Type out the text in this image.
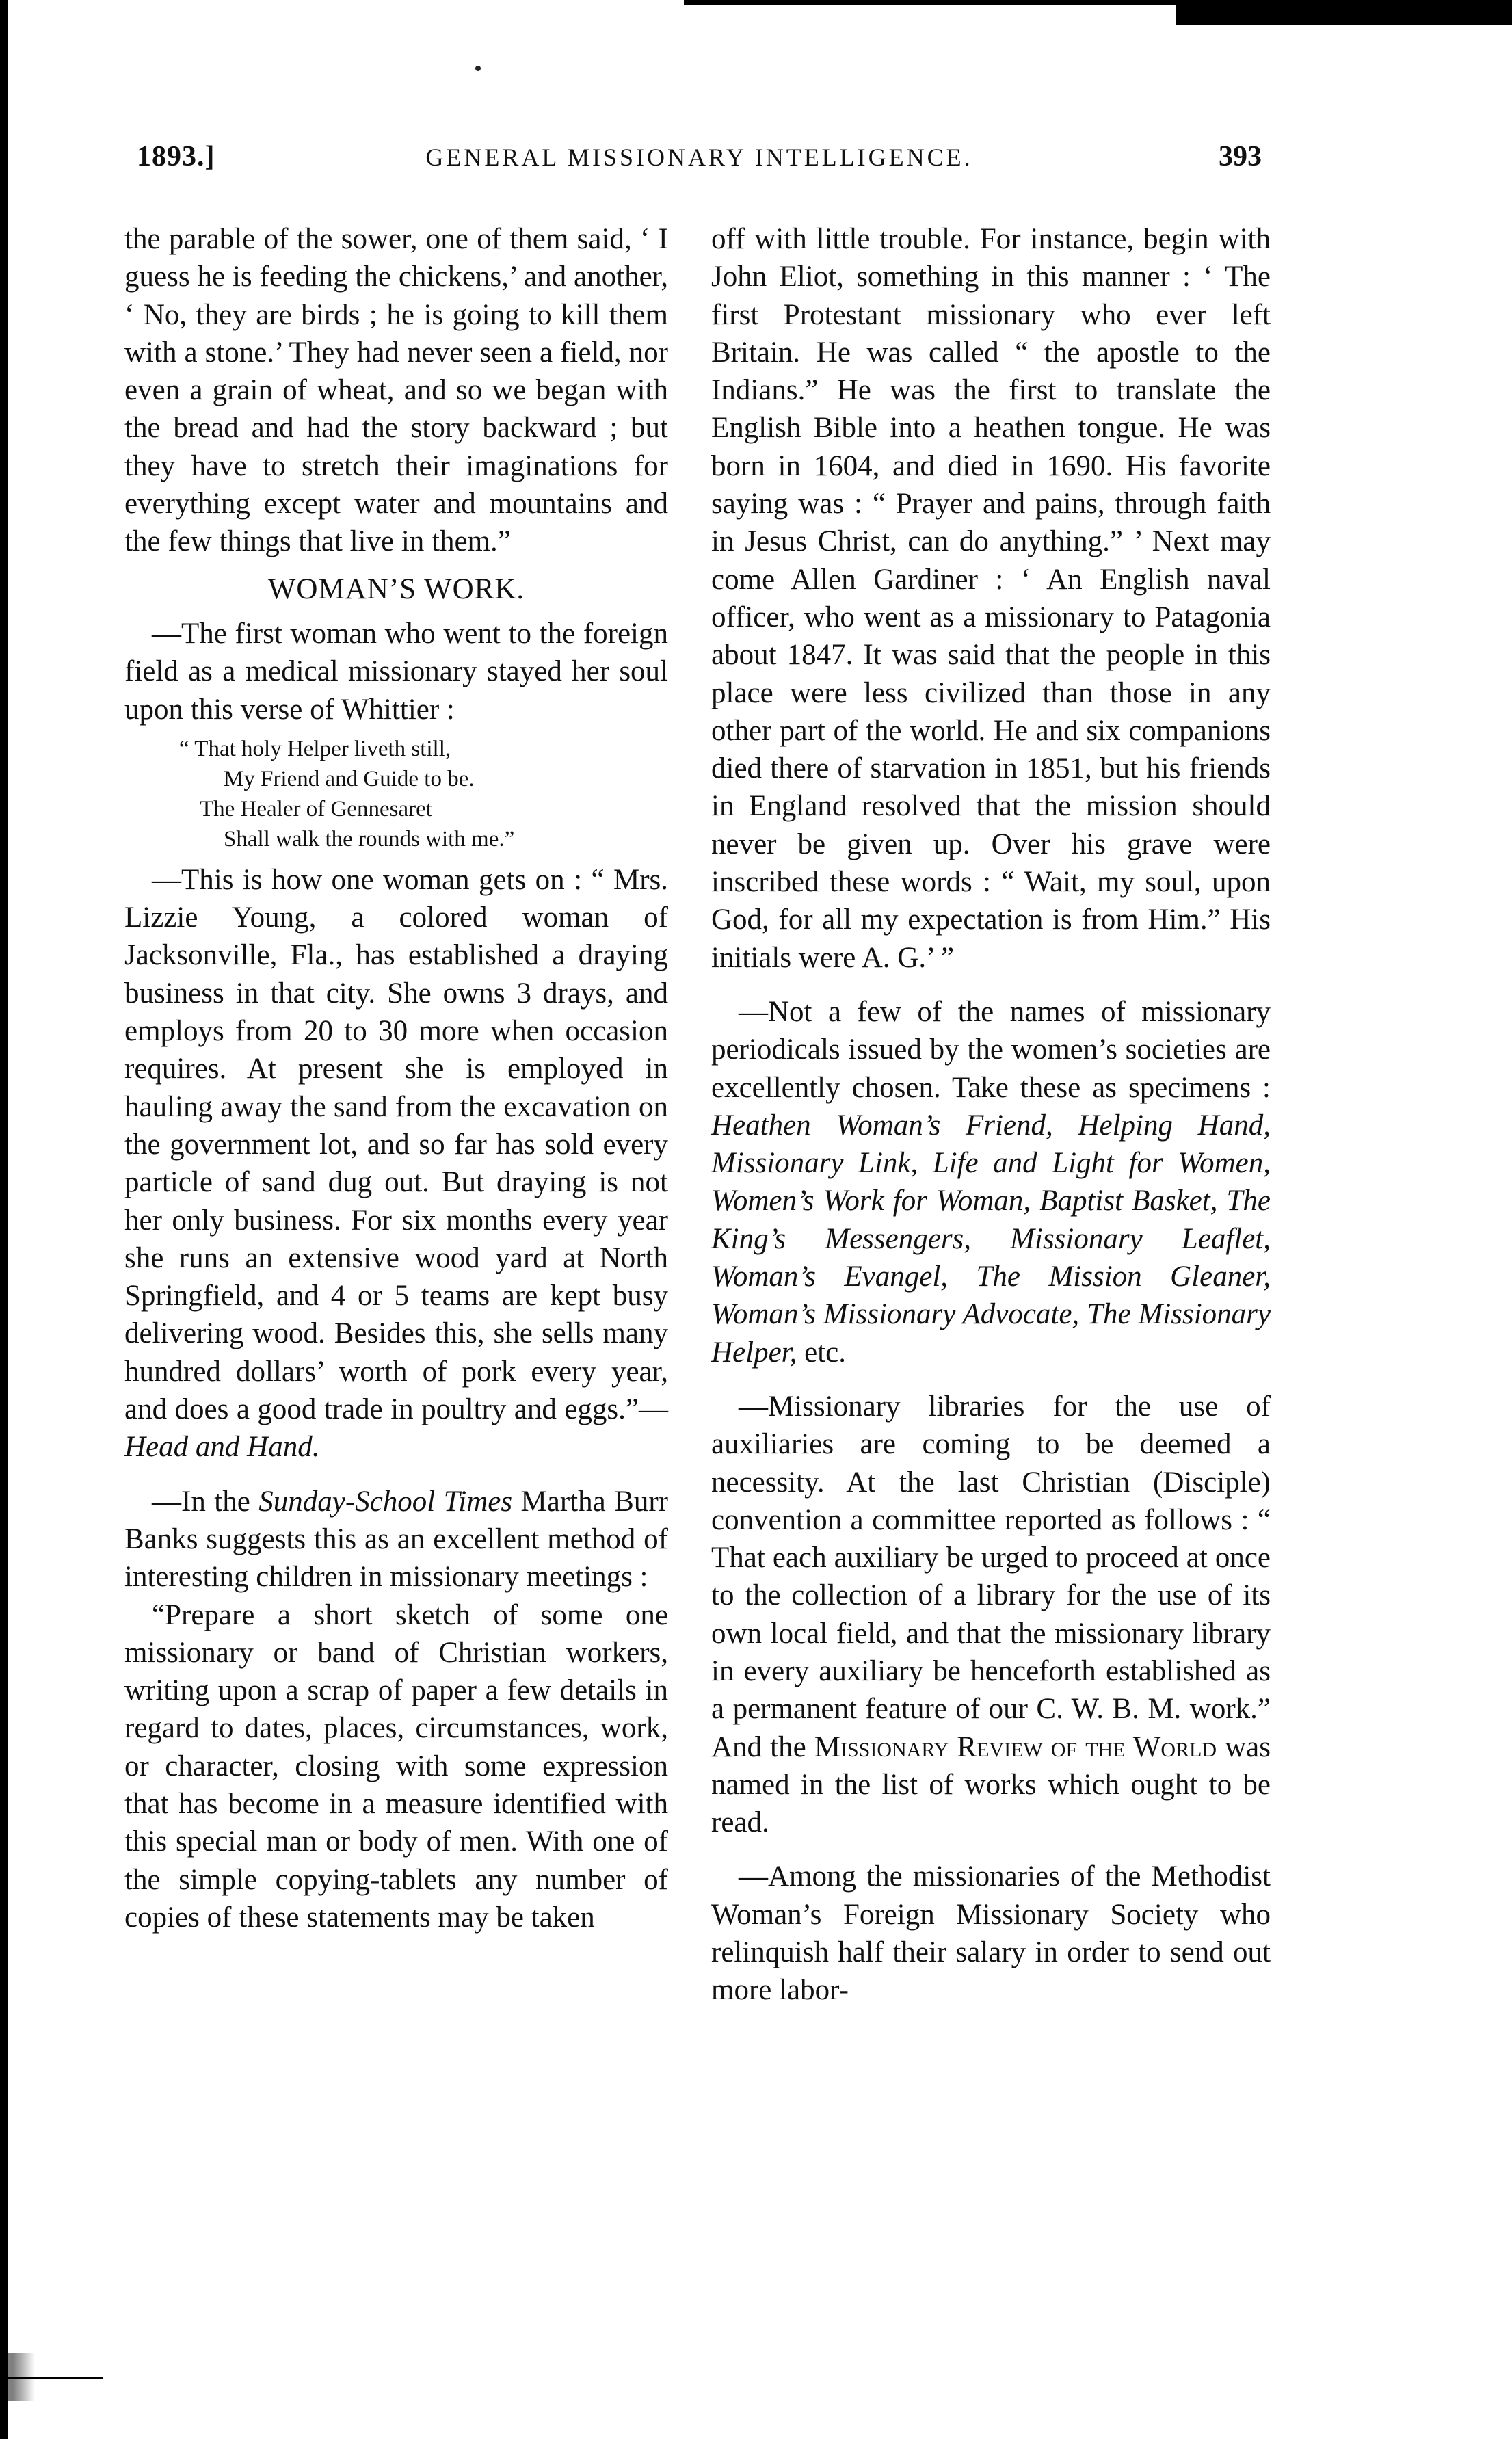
1893.]	GENERAL MISSIONARY INTELLIGENCE.	393

the parable of the sower, one of them said, ‘ I guess he is feeding the chickens,’ and another, ‘ No, they are birds ; he is going to kill them with a stone.’ They had never seen a field, nor even a grain of wheat, and so we began with the bread and had the story backward ; but they have to stretch their imaginations for everything except water and mountains and the few things that live in them.”

WOMAN’S WORK.

—The first woman who went to the foreign field as a medical missionary stayed her soul upon this verse of Whittier :

“ That holy Helper liveth still,
My Friend and Guide to be.
The Healer of Gennesaret
Shall walk the rounds with me.”

—This is how one woman gets on : “ Mrs. Lizzie Young, a colored woman of Jacksonville, Fla., has established a draying business in that city. She owns 3 drays, and employs from 20 to 30 more when occasion requires. At present she is employed in hauling away the sand from the excavation on the government lot, and so far has sold every particle of sand dug out. But draying is not her only business. For six months every year she runs an extensive wood yard at North Springfield, and 4 or 5 teams are kept busy delivering wood. Besides this, she sells many hundred dollars’ worth of pork every year, and does a good trade in poultry and eggs.”—Head and Hand.

—In the Sunday-School Times Martha Burr Banks suggests this as an excellent method of interesting children in missionary meetings :

“Prepare a short sketch of some one missionary or band of Christian workers, writing upon a scrap of paper a few details in regard to dates, places, circumstances, work, or character, closing with some expression that has become in a measure identified with this special man or body of men. With one of the simple copying-tablets any number of copies of these statements may be taken

off with little trouble. For instance, begin with John Eliot, something in this manner : ‘ The first Protestant missionary who ever left Britain. He was called “ the apostle to the Indians.” He was the first to translate the English Bible into a heathen tongue. He was born in 1604, and died in 1690. His favorite saying was : “ Prayer and pains, through faith in Jesus Christ, can do anything.” ’ Next may come Allen Gardiner : ‘ An English naval officer, who went as a missionary to Patagonia about 1847. It was said that the people in this place were less civilized than those in any other part of the world. He and six companions died there of starvation in 1851, but his friends in England resolved that the mission should never be given up. Over his grave were inscribed these words : “ Wait, my soul, upon God, for all my expectation is from Him.” His initials were A. G.’ ”

—Not a few of the names of missionary periodicals issued by the women’s societies are excellently chosen. Take these as specimens : Heathen Woman’s Friend, Helping Hand, Missionary Link, Life and Light for Women, Women’s Work for Woman, Baptist Basket, The King’s Messengers, Missionary Leaflet, Woman’s Evangel, The Mission Gleaner, Woman’s Missionary Advocate, The Missionary Helper, etc.

—Missionary libraries for the use of auxiliaries are coming to be deemed a necessity. At the last Christian (Disciple) convention a committee reported as follows : “ That each auxiliary be urged to proceed at once to the collection of a library for the use of its own local field, and that the missionary library in every auxiliary be henceforth established as a permanent feature of our C. W. B. M. work.” And the Missionary Review of the World was named in the list of works which ought to be read.

—Among the missionaries of the Methodist Woman’s Foreign Missionary Society who relinquish half their salary in order to send out more labor-
